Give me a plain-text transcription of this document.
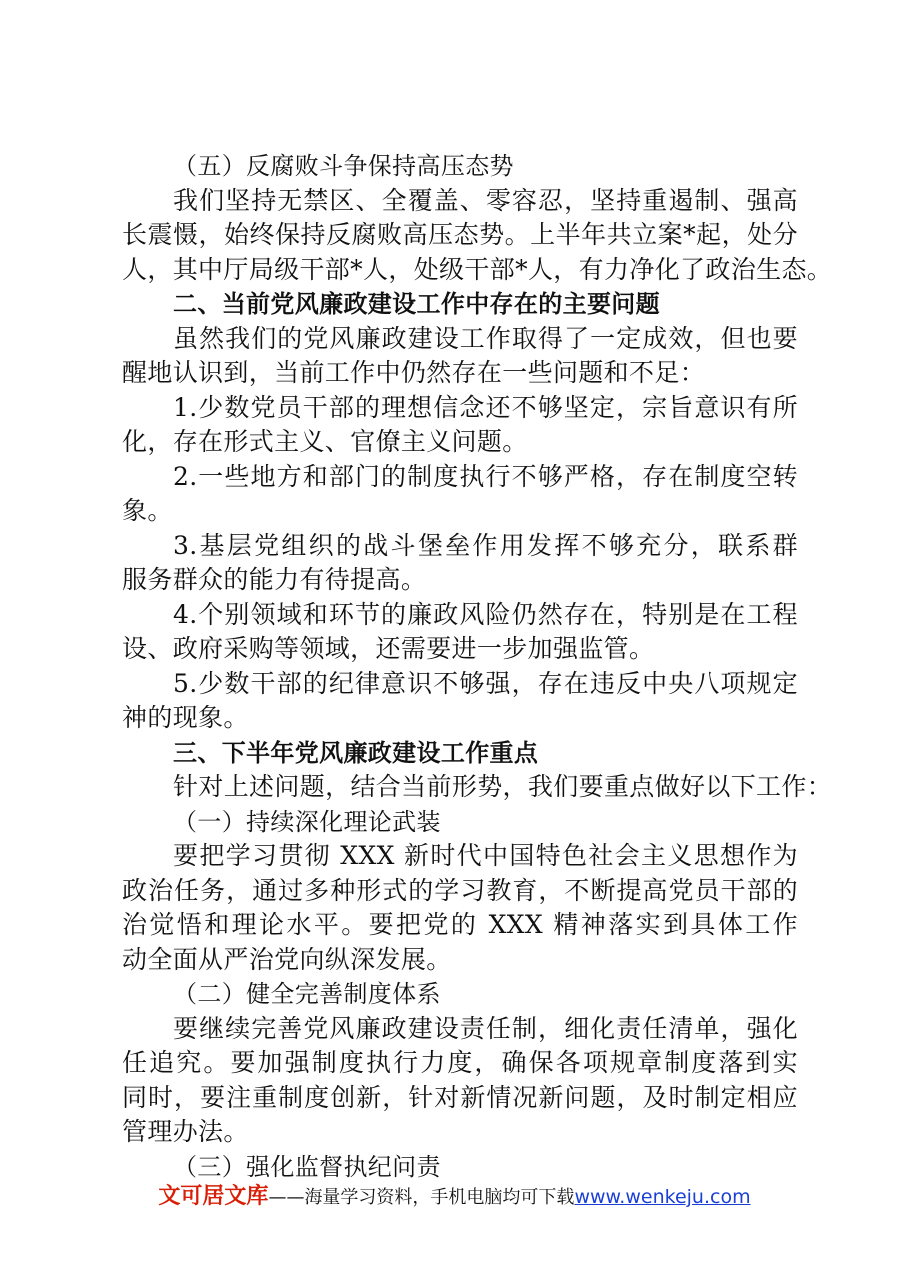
（五）反腐败斗争保持高压态势
我们坚持无禁区、全覆盖、零容忍，坚持重遏制、强高
长震慑，始终保持反腐败高压态势。上半年共立案*起，处分
人，其中厅局级干部*人，处级干部*人，有力净化了政治生态。
二、当前党风廉政建设工作中存在的主要问题
虽然我们的党风廉政建设工作取得了一定成效，但也要
醒地认识到，当前工作中仍然存在一些问题和不足：
1.少数党员干部的理想信念还不够坚定，宗旨意识有所
化，存在形式主义、官僚主义问题。
2.一些地方和部门的制度执行不够严格，存在制度空转
象。
3.基层党组织的战斗堡垒作用发挥不够充分，联系群
服务群众的能力有待提高。
4.个别领域和环节的廉政风险仍然存在，特别是在工程
设、政府采购等领域，还需要进一步加强监管。
5.少数干部的纪律意识不够强，存在违反中央八项规定
神的现象。
三、下半年党风廉政建设工作重点
针对上述问题，结合当前形势，我们要重点做好以下工作：
（一）持续深化理论武装
要把学习贯彻 XXX 新时代中国特色社会主义思想作为
政治任务，通过多种形式的学习教育，不断提高党员干部的
治觉悟和理论水平。要把党的 XXX 精神落实到具体工作
动全面从严治党向纵深发展。
（二）健全完善制度体系
要继续完善党风廉政建设责任制，细化责任清单，强化
任追究。要加强制度执行力度，确保各项规章制度落到实
同时，要注重制度创新，针对新情况新问题，及时制定相应
管理办法。
（三）强化监督执纪问责
文可居文库——海量学习资料，手机电脑均可下载www.wenkeju.com
